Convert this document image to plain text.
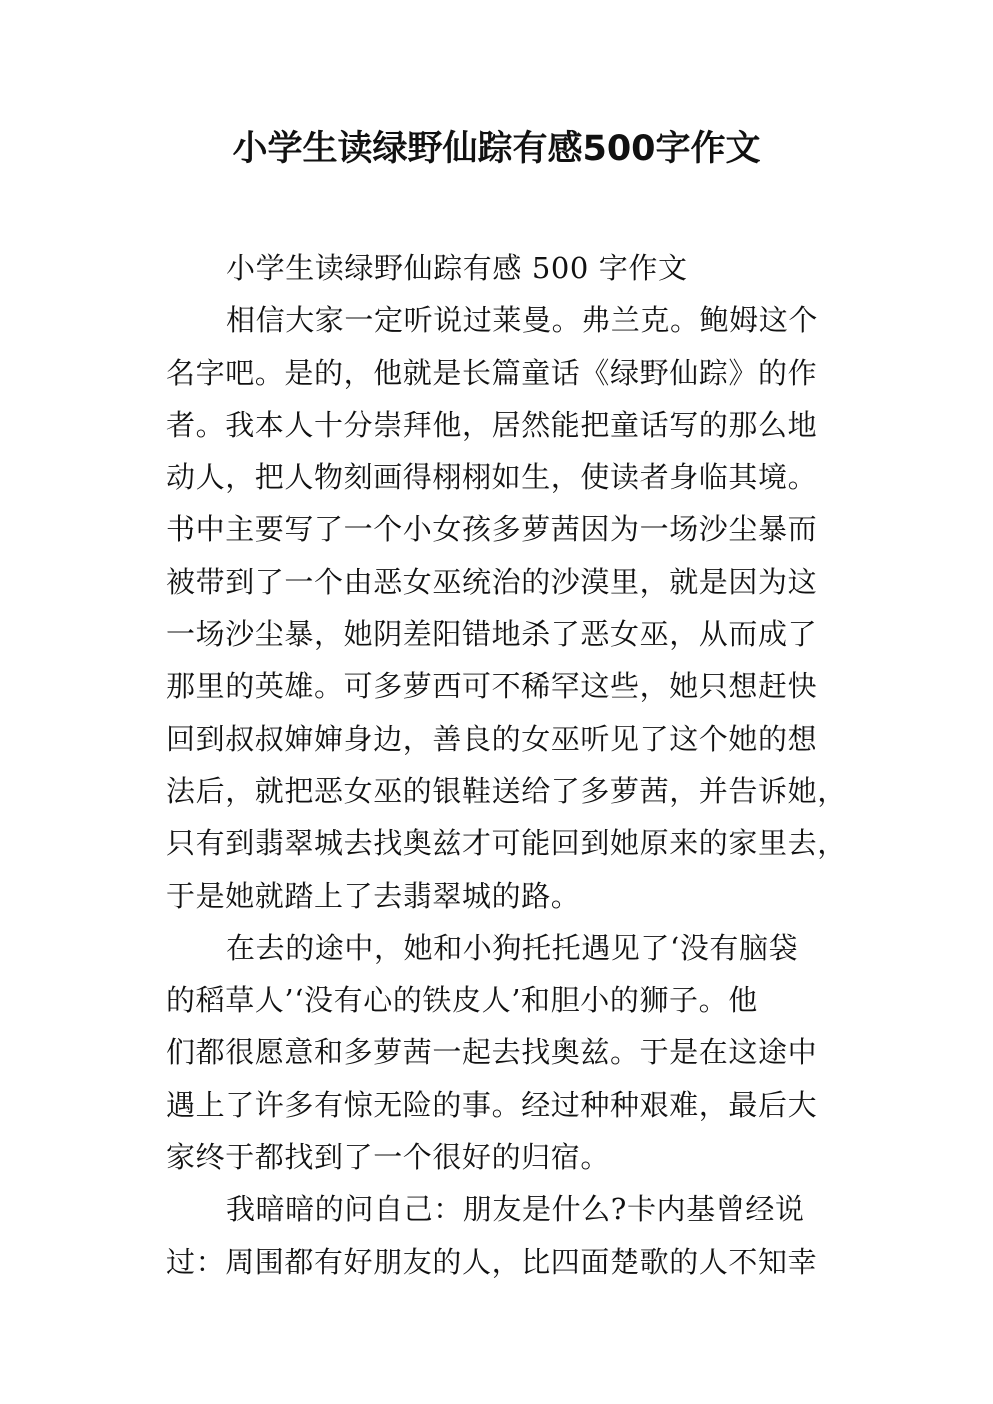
小学生读绿野仙踪有感500字作文
小学生读绿野仙踪有感 500 字作文
相信大家一定听说过莱曼。弗兰克。鲍姆这个
名字吧。是的，他就是长篇童话《绿野仙踪》的作
者。我本人十分崇拜他，居然能把童话写的那么地
动人，把人物刻画得栩栩如生，使读者身临其境。
书中主要写了一个小女孩多萝茜因为一场沙尘暴而
被带到了一个由恶女巫统治的沙漠里，就是因为这
一场沙尘暴，她阴差阳错地杀了恶女巫，从而成了
那里的英雄。可多萝西可不稀罕这些，她只想赶快
回到叔叔婶婶身边，善良的女巫听见了这个她的想
法后，就把恶女巫的银鞋送给了多萝茜，并告诉她，
只有到翡翠城去找奥兹才可能回到她原来的家里去，
于是她就踏上了去翡翠城的路。
在去的途中，她和小狗托托遇见了‘没有脑袋
的稻草人’‘没有心的铁皮人’和胆小的狮子。他
们都很愿意和多萝茜一起去找奥兹。于是在这途中
遇上了许多有惊无险的事。经过种种艰难，最后大
家终于都找到了一个很好的归宿。
我暗暗的问自己：朋友是什么?卡内基曾经说
过：周围都有好朋友的人，比四面楚歌的人不知幸
